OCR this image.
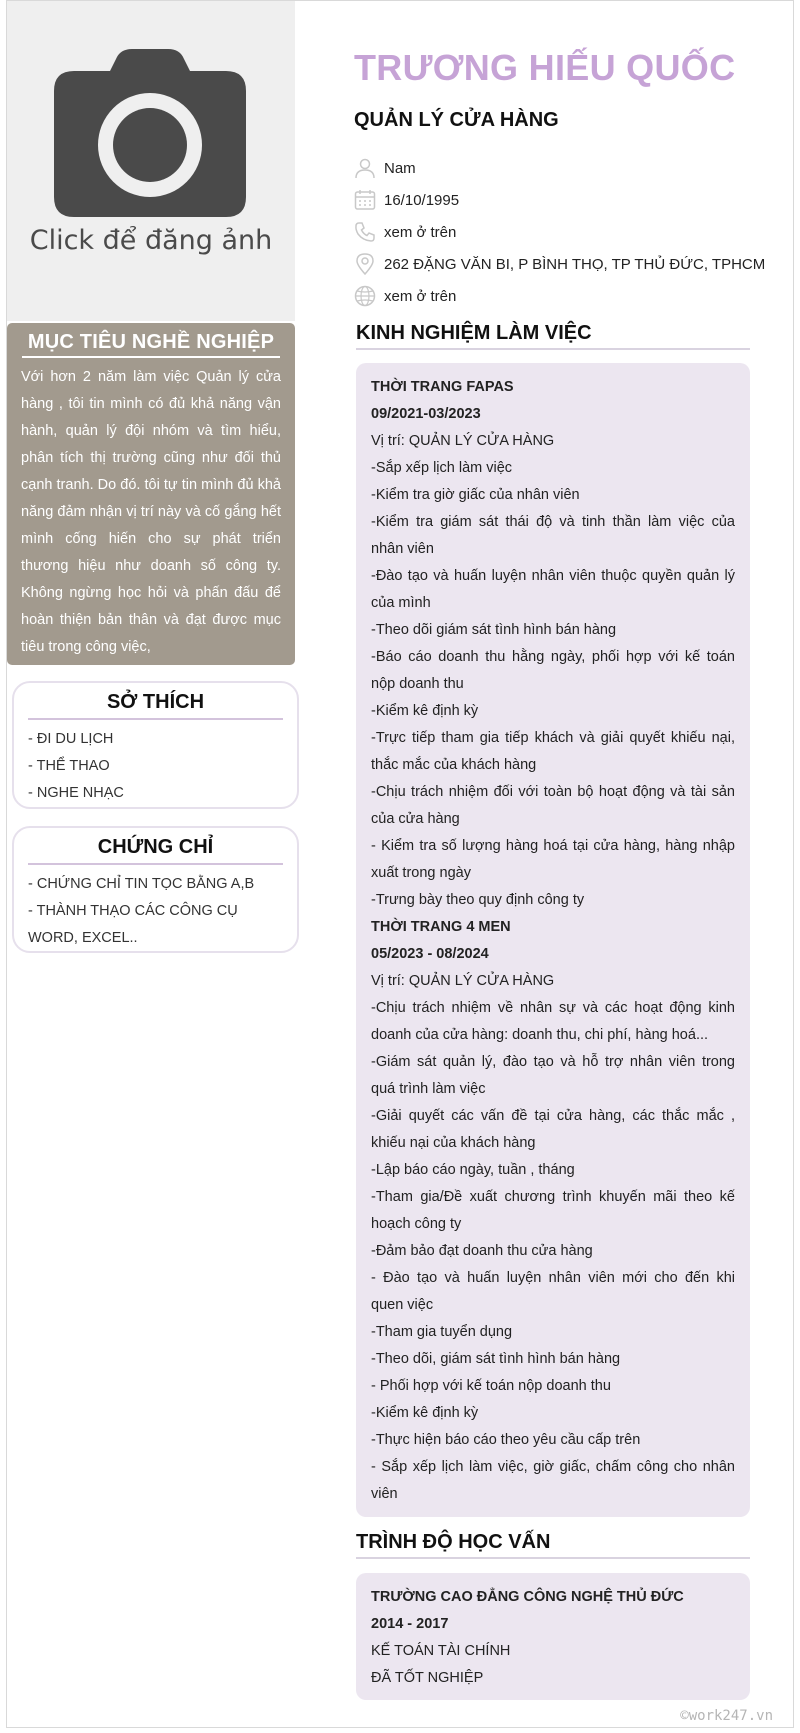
Click để đăng ảnh
MỤC TIÊU NGHỀ NGHIỆP

Với hơn 2 năm làm việc Quản lý cửa hàng , tôi tin mình có đủ khả năng vận hành, quản lý đội nhóm và tìm hiểu, phân tích thị trường cũng như đối thủ cạnh tranh. Do đó. tôi tự tin mình đủ khả năng đảm nhận vị trí này và cố gắng hết mình cống hiến cho sự phát triển thương hiệu như doanh số công ty. Không ngừng học hỏi và phấn đấu để hoàn thiện bản thân và đạt được mục tiêu trong công việc,

SỞ THÍCH
- ĐI DU LỊCH
- THỂ THAO
- NGHE NHẠC
CHỨNG CHỈ
- CHỨNG CHỈ TIN TỌC BẰNG A,B
- THÀNH THẠO CÁC CÔNG CỤ WORD, EXCEL..
TRƯƠNG HIẾU QUỐC
QUẢN LÝ CỬA HÀNG
Nam
16/10/1995
xem ở trên
262 ĐẶNG VĂN BI, P BÌNH THỌ, TP THỦ ĐỨC, TPHCM
xem ở trên
KINH NGHIỆM LÀM VIỆC
THỜI TRANG FAPAS
09/2021-03/2023
Vị trí: QUẢN LÝ CỬA HÀNG
-Sắp xếp lịch làm việc
-Kiểm tra giờ giấc của nhân viên
-Kiểm tra giám sát thái độ và tinh thần làm việc của nhân viên
-Đào tạo và huấn luyện nhân viên thuộc quyền quản lý của mình
-Theo dõi giám sát tình hình bán hàng
-Báo cáo doanh thu hằng ngày, phối hợp với kế toán nộp doanh thu
-Kiểm kê định kỳ
-Trực tiếp tham gia tiếp khách và giải quyết khiếu nại, thắc mắc của khách hàng
-Chịu trách nhiệm đối với toàn bộ hoạt động và tài sản của cửa hàng
- Kiểm tra số lượng hàng hoá tại cửa hàng, hàng nhập xuất trong ngày
-Trưng bày theo quy định công ty
THỜI TRANG 4 MEN
05/2023 - 08/2024
Vị trí: QUẢN LÝ CỬA HÀNG
-Chịu trách nhiệm về nhân sự và các hoạt động kinh doanh của cửa hàng: doanh thu, chi phí, hàng hoá...
-Giám sát quản lý, đào tạo và hỗ trợ nhân viên trong quá trình làm việc
-Giải quyết các vấn đề tại cửa hàng, các thắc mắc , khiếu nại của khách hàng
-Lập báo cáo ngày, tuần , tháng
-Tham gia/Đề xuất chương trình khuyến mãi theo kế hoạch công ty
-Đảm bảo đạt doanh thu cửa hàng
- Đào tạo và huấn luyện nhân viên mới cho đến khi quen việc
-Tham gia tuyển dụng
-Theo dõi, giám sát tình hình bán hàng
- Phối hợp với kế toán nộp doanh thu
-Kiểm kê định kỳ
-Thực hiện báo cáo theo yêu cầu cấp trên
- Sắp xếp lịch làm việc, giờ giấc, chấm công cho nhân viên
TRÌNH ĐỘ HỌC VẤN
TRƯỜNG CAO ĐẲNG CÔNG NGHỆ THỦ ĐỨC
2014 - 2017
KẾ TOÁN TÀI CHÍNH
ĐÃ TỐT NGHIỆP
©work247.vn
